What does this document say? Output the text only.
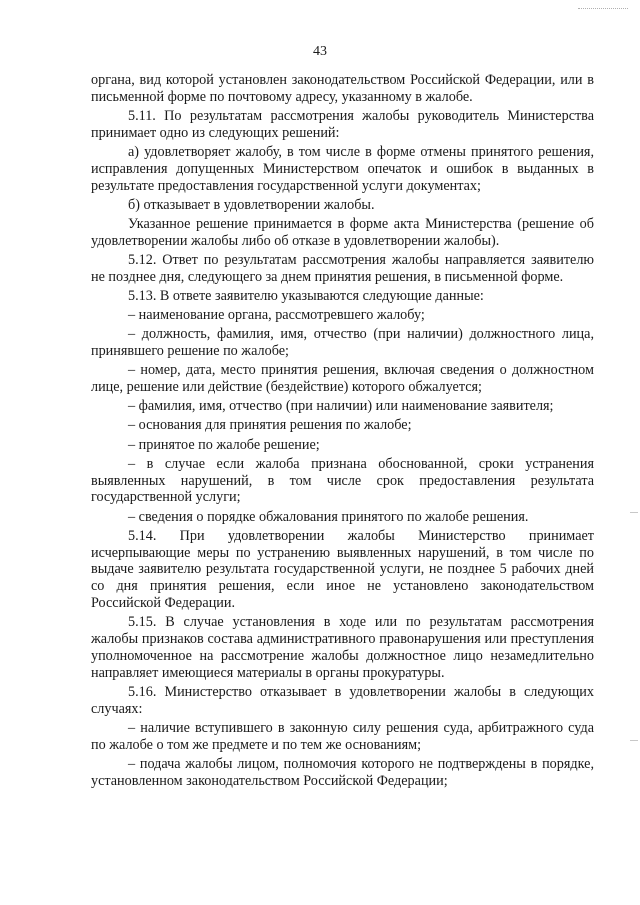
43

органа, вид которой установлен законодательством Российской Федерации, или в письменной форме по почтовому адресу, указанному в жалобе.

5.11. По результатам рассмотрения жалобы руководитель Министерства принимает одно из следующих решений:

а) удовлетворяет жалобу, в том числе в форме отмены принятого решения, исправления допущенных Министерством опечаток и ошибок в выданных в результате предоставления государственной услуги документах;

б) отказывает в удовлетворении жалобы.

Указанное решение принимается в форме акта Министерства (решение об удовлетворении жалобы либо об отказе в удовлетворении жалобы).

5.12. Ответ по результатам рассмотрения жалобы направляется заявителю не позднее дня, следующего за днем принятия решения, в письменной форме.

5.13. В ответе заявителю указываются следующие данные:

– наименование органа, рассмотревшего жалобу;

– должность, фамилия, имя, отчество (при наличии) должностного лица, принявшего решение по жалобе;

– номер, дата, место принятия решения, включая сведения о должностном лице, решение или действие (бездействие) которого обжалуется;

– фамилия, имя, отчество (при наличии) или наименование заявителя;

– основания для принятия решения по жалобе;

– принятое по жалобе решение;

– в случае если жалоба признана обоснованной, сроки устранения выявленных нарушений, в том числе срок предоставления результата государственной услуги;

– сведения о порядке обжалования принятого по жалобе решения.

5.14. При удовлетворении жалобы Министерство принимает исчерпывающие меры по устранению выявленных нарушений, в том числе по выдаче заявителю результата государственной услуги, не позднее 5 рабочих дней со дня принятия решения, если иное не установлено законодательством Российской Федерации.

5.15. В случае установления в ходе или по результатам рассмотрения жалобы признаков состава административного правонарушения или преступления уполномоченное на рассмотрение жалобы должностное лицо незамедлительно направляет имеющиеся материалы в органы прокуратуры.

5.16. Министерство отказывает в удовлетворении жалобы в следующих случаях:

– наличие вступившего в законную силу решения суда, арбитражного суда по жалобе о том же предмете и по тем же основаниям;

– подача жалобы лицом, полномочия которого не подтверждены в порядке, установленном законодательством Российской Федерации;
